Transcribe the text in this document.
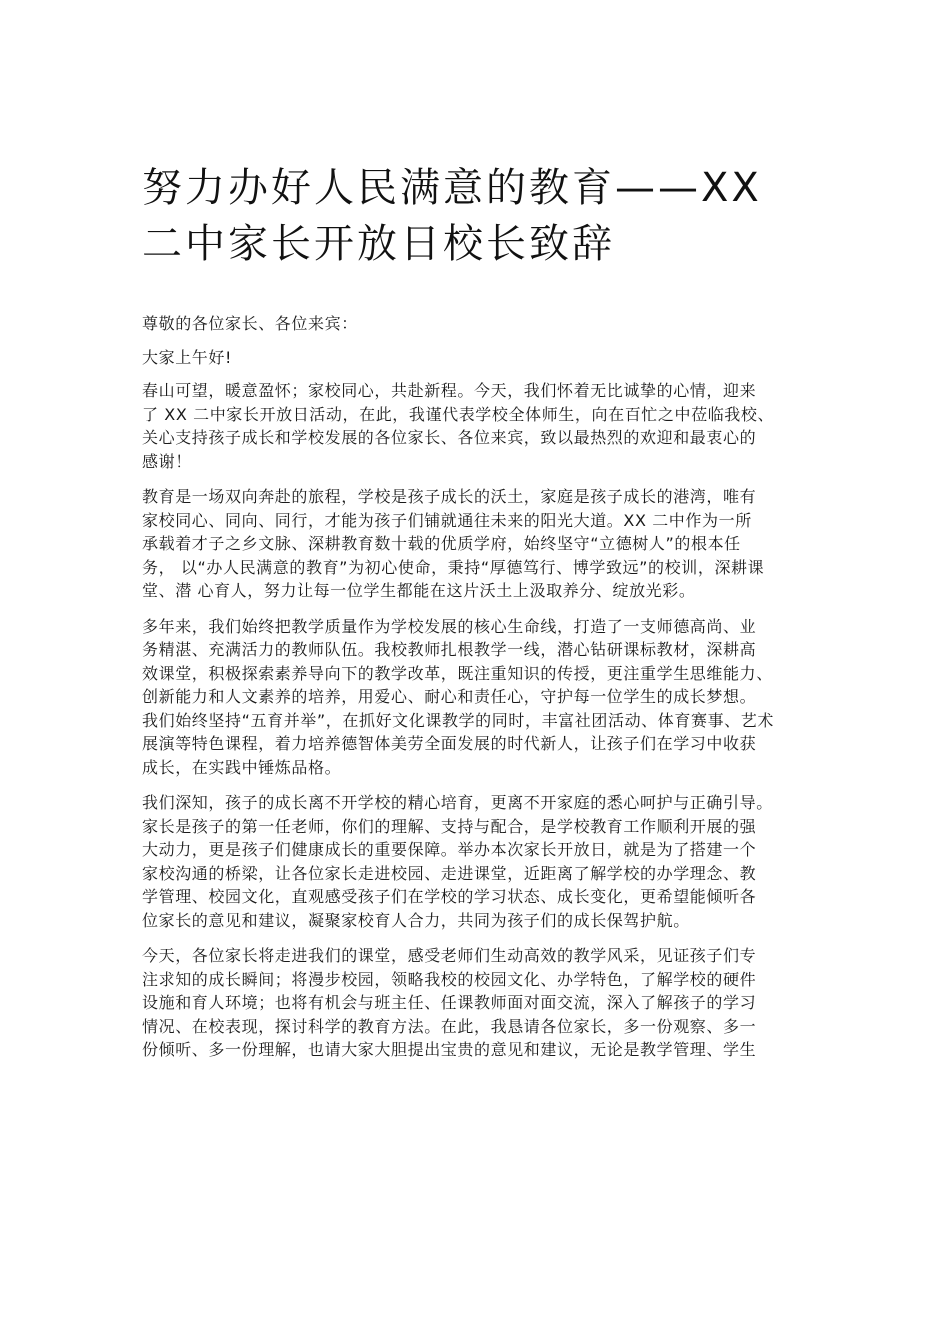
努力办好人民满意的教育——XX
二中家长开放日校长致辞
尊敬的各位家长、各位来宾：
大家上午好!
春山可望，暖意盈怀；家校同心，共赴新程。今天，我们怀着无比诚挚的心情，迎来
了 XX 二中家长开放日活动，在此，我谨代表学校全体师生，向在百忙之中莅临我校、
关心支持孩子成长和学校发展的各位家长、各位来宾，致以最热烈的欢迎和最衷心的
感谢！
教育是一场双向奔赴的旅程，学校是孩子成长的沃土，家庭是孩子成长的港湾，唯有
家校同心、同向、同行，才能为孩子们铺就通往未来的阳光大道。XX 二中作为一所
承载着才子之乡文脉、深耕教育数十载的优质学府，始终坚守“立德树人”的根本任
务， 以“办人民满意的教育”为初心使命，秉持“厚德笃行、博学致远”的校训，深耕课
堂、潜 心育人，努力让每一位学生都能在这片沃土上汲取养分、绽放光彩。
多年来，我们始终把教学质量作为学校发展的核心生命线，打造了一支师德高尚、业
务精湛、充满活力的教师队伍。我校教师扎根教学一线，潜心钻研课标教材，深耕高
效课堂，积极探索素养导向下的教学改革，既注重知识的传授，更注重学生思维能力、
创新能力和人文素养的培养，用爱心、耐心和责任心，守护每一位学生的成长梦想。
我们始终坚持“五育并举”，在抓好文化课教学的同时，丰富社团活动、体育赛事、艺术
展演等特色课程，着力培养德智体美劳全面发展的时代新人，让孩子们在学习中收获
成长，在实践中锤炼品格。
我们深知，孩子的成长离不开学校的精心培育，更离不开家庭的悉心呵护与正确引导。
家长是孩子的第一任老师，你们的理解、支持与配合，是学校教育工作顺利开展的强
大动力，更是孩子们健康成长的重要保障。举办本次家长开放日，就是为了搭建一个
家校沟通的桥梁，让各位家长走进校园、走进课堂，近距离了解学校的办学理念、教
学管理、校园文化，直观感受孩子们在学校的学习状态、成长变化，更希望能倾听各
位家长的意见和建议，凝聚家校育人合力，共同为孩子们的成长保驾护航。
今天，各位家长将走进我们的课堂，感受老师们生动高效的教学风采，见证孩子们专
注求知的成长瞬间；将漫步校园，领略我校的校园文化、办学特色，了解学校的硬件
设施和育人环境；也将有机会与班主任、任课教师面对面交流，深入了解孩子的学习
情况、在校表现，探讨科学的教育方法。在此，我恳请各位家长，多一份观察、多一
份倾听、多一份理解，也请大家大胆提出宝贵的意见和建议，无论是教学管理、学生
